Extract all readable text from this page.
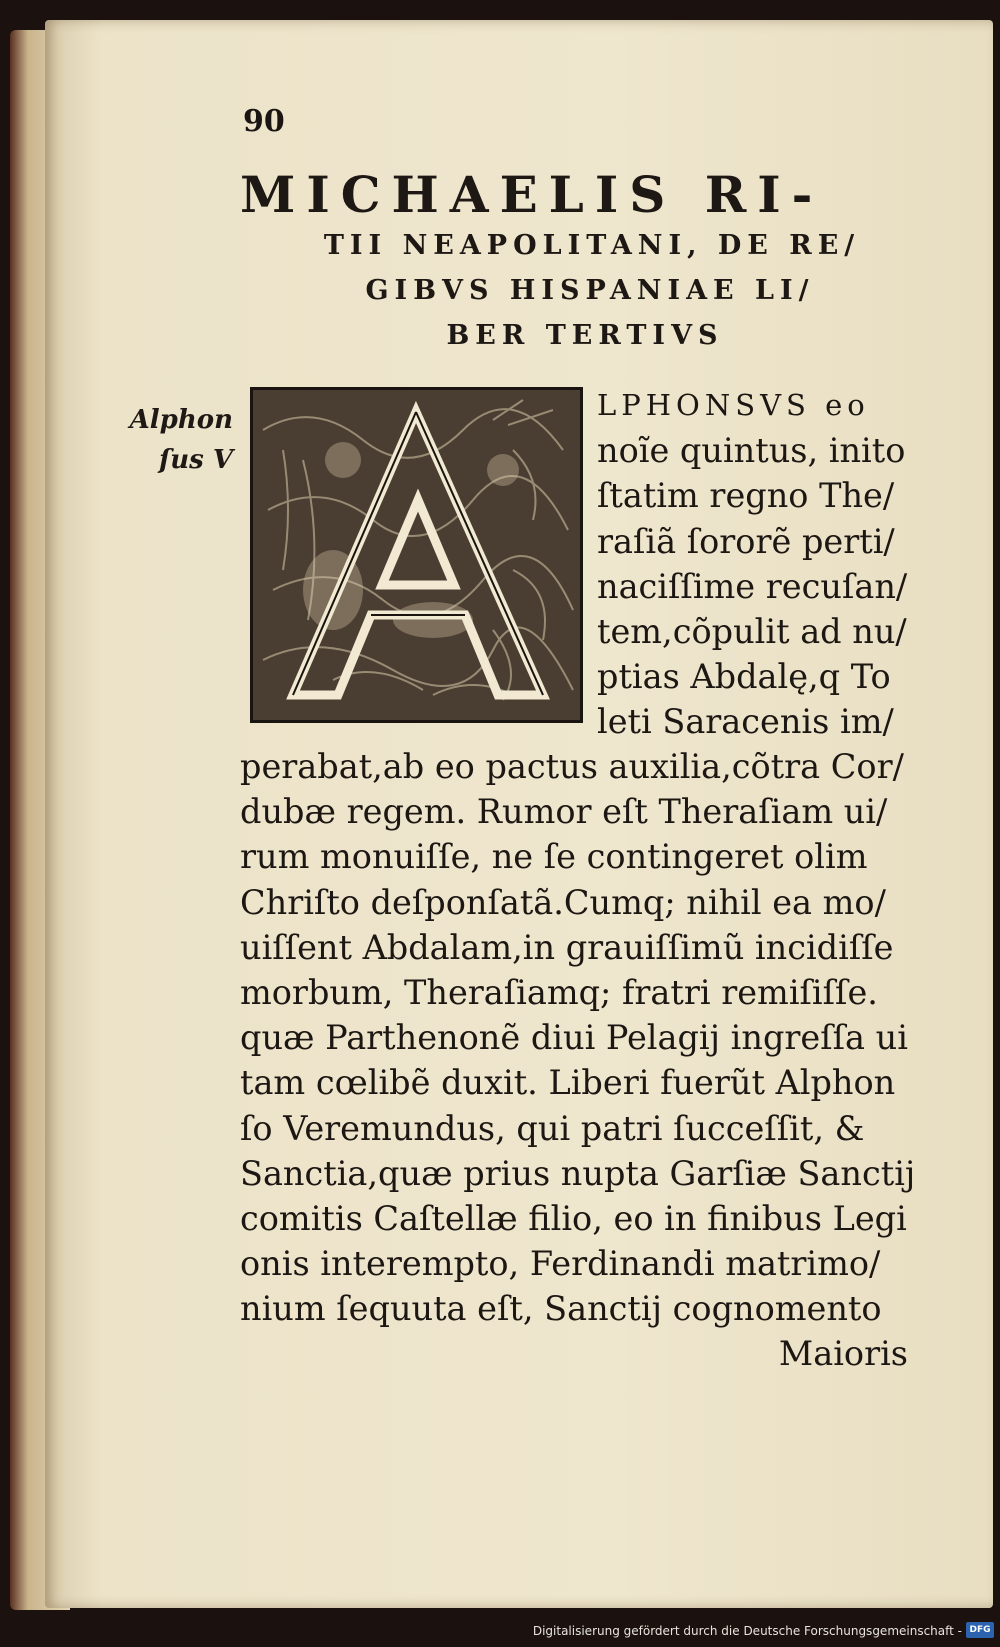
90
MICHAELIS RI-
TII NEAPOLITANI, DE RE/
GIBVS HISPANIAE LI/
BER TERTIVS
Alphon
ſus V
LPHONSVS eo
noĩe quintus, inito
ſtatim regno The/
raſiã ſororẽ perti/
naciſſime recuſan/
tem,cõpulit ad nu/
ptias Abdalę,q To
leti Saracenis im/
perabat,ab eo pactus auxilia,cõtra Cor/
dubæ regem. Rumor eſt Theraſiam ui/
rum monuiſſe, ne ſe contingeret olim
Chriſto deſponſatã.Cumq; nihil ea mo/
uiſſent Abdalam,in grauiſſimũ incidiſſe
morbum, Theraſiamq; fratri remiſiſſe.
quæ Parthenonẽ diui Pelagij ingreſſa ui
tam cœlibẽ duxit. Liberi fuerũt Alphon
ſo Veremundus, qui patri ſucceſſit, &
Sanctia,quæ prius nupta Garſiæ Sanctij
comitis Caſtellæ filio, eo in finibus Legi
onis interempto, Ferdinandi matrimo/
nium ſequuta eſt, Sanctij cognomento
Maioris
Digitalisierung gefördert durch die Deutsche Forschungsgemeinschaft - DFG
